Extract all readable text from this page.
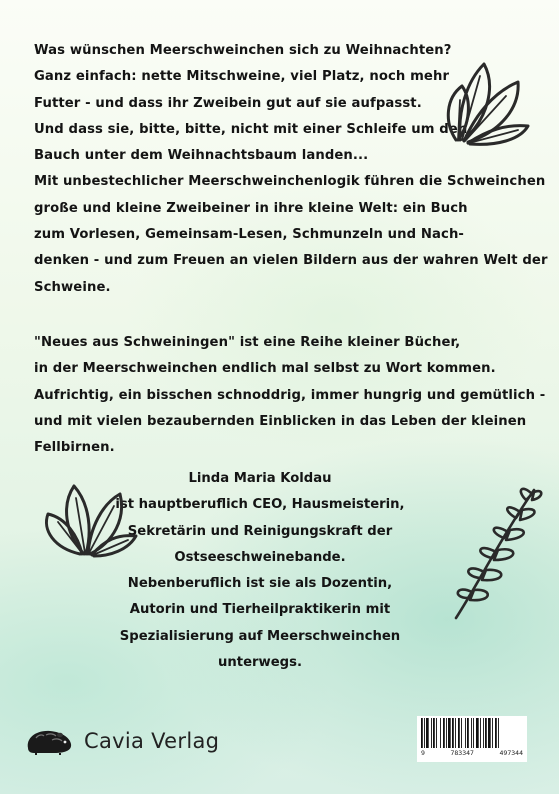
Was wünschen Meerschweinchen sich zu Weihnachten?

Ganz einfach: nette Mitschweine, viel Platz, noch mehr

Futter - und dass ihr Zweibein gut auf sie aufpasst.

Und dass sie, bitte, bitte, nicht mit einer Schleife um den

Bauch unter dem Weihnachtsbaum landen...

Mit unbestechlicher Meerschweinchenlogik führen die Schweinchen

große und kleine Zweibeiner in ihre kleine Welt: ein Buch

zum Vorlesen, Gemeinsam-Lesen, Schmunzeln und Nach-

denken - und zum Freuen an vielen Bildern aus der wahren Welt der

Schweine.

"Neues aus Schweiningen" ist eine Reihe kleiner Bücher,

in der Meerschweinchen endlich mal selbst zu Wort kommen.

Aufrichtig, ein bisschen schnoddrig, immer hungrig und gemütlich -

und mit vielen bezaubernden Einblicken in das Leben der kleinen

Fellbirnen.

Linda Maria Koldau

ist hauptberuflich CEO, Hausmeisterin,

Sekretärin und Reinigungskraft der

Ostseeschweinebande.

Nebenberuflich ist sie als Dozentin,

Autorin und Tierheilpraktikerin mit

Spezialisierung auf Meerschweinchen

unterwegs.

Cavia Verlag	9	783347	497344
